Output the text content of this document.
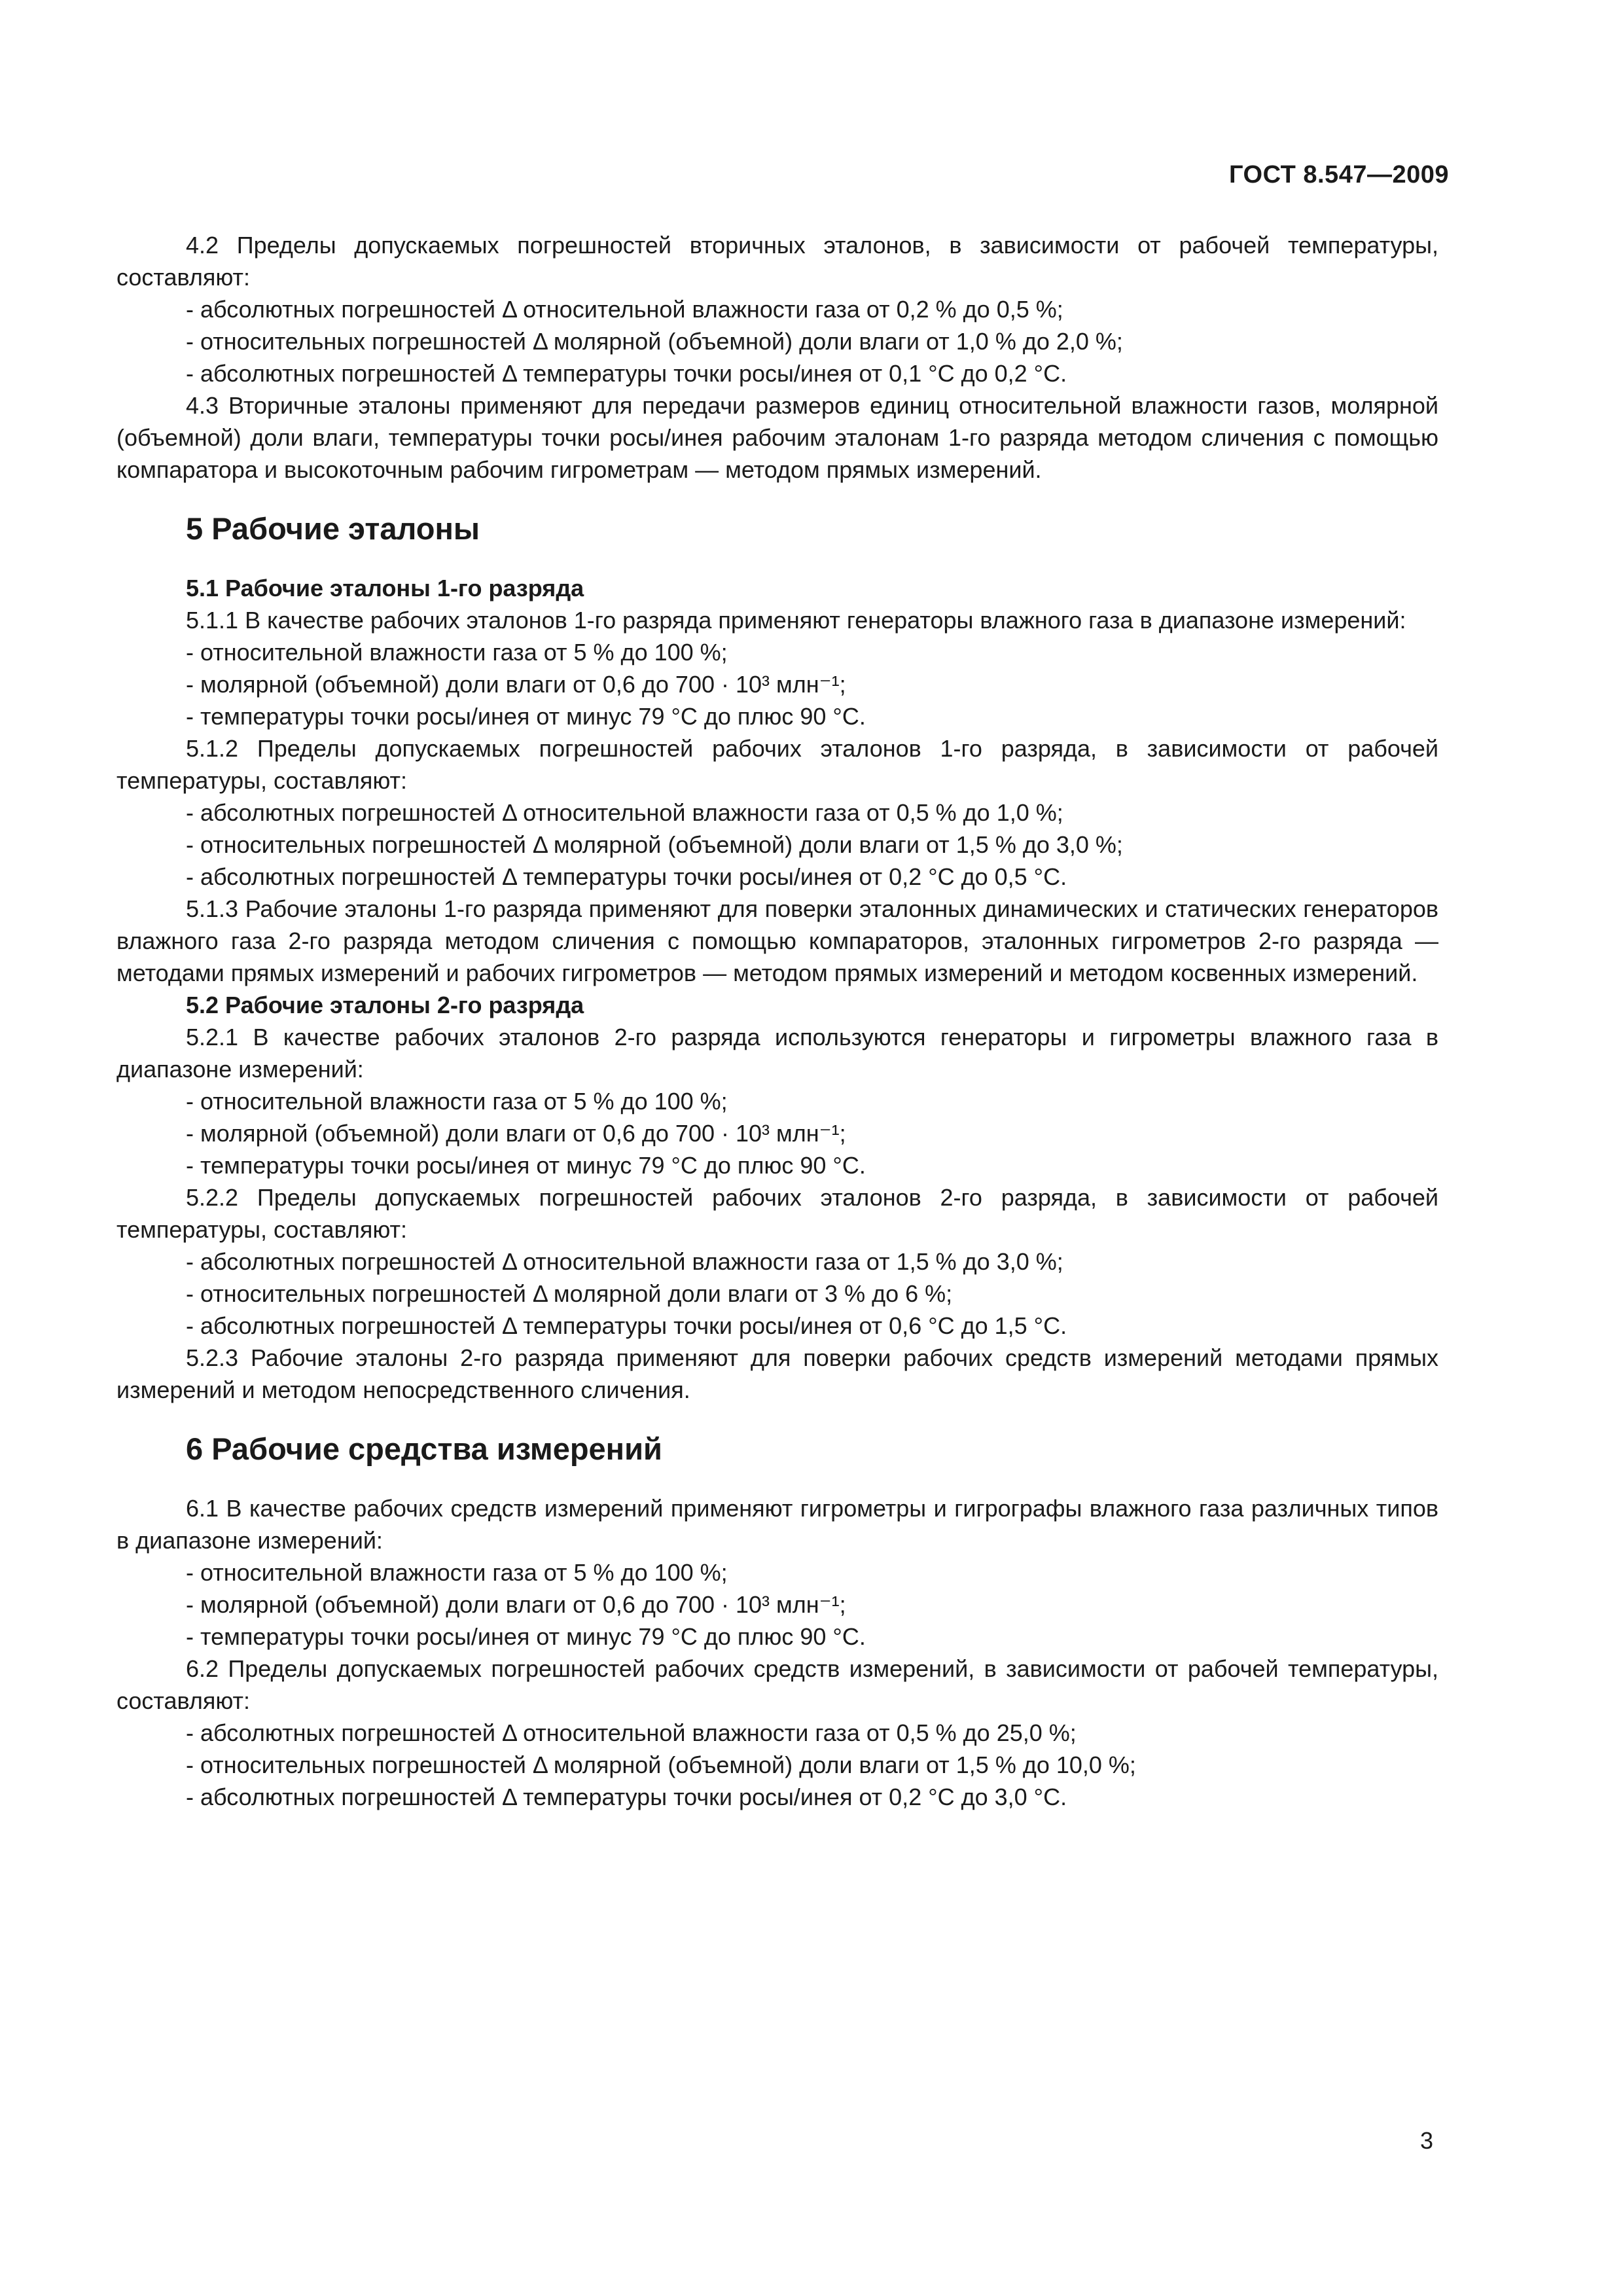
ГОСТ 8.547—2009

4.2 Пределы допускаемых погрешностей вторичных эталонов, в зависимости от рабочей температуры, составляют:

- абсолютных погрешностей Δ относительной влажности газа от 0,2 % до 0,5 %;

- относительных погрешностей Δ молярной (объемной) доли влаги от 1,0 % до 2,0 %;

- абсолютных погрешностей Δ температуры точки росы/инея от 0,1 °С до 0,2 °С.

4.3 Вторичные эталоны применяют для передачи размеров единиц относительной влажности газов, молярной (объемной) доли влаги, температуры точки росы/инея рабочим эталонам 1-го разряда методом сличения с помощью компаратора и высокоточным рабочим гигрометрам — методом прямых измерений.

5 Рабочие эталоны
5.1 Рабочие эталоны 1-го разряда

5.1.1 В качестве рабочих эталонов 1-го разряда применяют генераторы влажного газа в диапазоне измерений:

- относительной влажности газа от 5 % до 100 %;

- молярной (объемной) доли влаги от 0,6 до 700 · 10³ млн⁻¹;

- температуры точки росы/инея от минус 79 °С до плюс 90 °С.

5.1.2 Пределы допускаемых погрешностей рабочих эталонов 1-го разряда, в зависимости от рабочей температуры, составляют:

- абсолютных погрешностей Δ относительной влажности газа от 0,5 % до 1,0 %;

- относительных погрешностей Δ молярной (объемной) доли влаги от 1,5 % до 3,0 %;

- абсолютных погрешностей Δ температуры точки росы/инея от 0,2 °С до 0,5 °С.

5.1.3 Рабочие эталоны 1-го разряда применяют для поверки эталонных динамических и статических генераторов влажного газа 2-го разряда методом сличения с помощью компараторов, эталонных гигрометров 2-го разряда — методами прямых измерений и рабочих гигрометров — методом прямых измерений и методом косвенных измерений.

5.2 Рабочие эталоны 2-го разряда

5.2.1 В качестве рабочих эталонов 2-го разряда используются генераторы и гигрометры влажного газа в диапазоне измерений:

- относительной влажности газа от 5 % до 100 %;

- молярной (объемной) доли влаги от 0,6 до 700 · 10³ млн⁻¹;

- температуры точки росы/инея от минус 79 °С до плюс 90 °С.

5.2.2 Пределы допускаемых погрешностей рабочих эталонов 2-го разряда, в зависимости от рабочей температуры, составляют:

- абсолютных погрешностей Δ относительной влажности газа от 1,5 % до 3,0 %;

- относительных погрешностей Δ молярной доли влаги от 3 % до 6 %;

- абсолютных погрешностей Δ температуры точки росы/инея от 0,6 °С до 1,5 °С.

5.2.3 Рабочие эталоны 2-го разряда применяют для поверки рабочих средств измерений методами прямых измерений и методом непосредственного сличения.

6 Рабочие средства измерений

6.1 В качестве рабочих средств измерений применяют гигрометры и гигрографы влажного газа различных типов в диапазоне измерений:

- относительной влажности газа от 5 % до 100 %;

- молярной (объемной) доли влаги от 0,6 до 700 · 10³ млн⁻¹;

- температуры точки росы/инея от минус 79 °С до плюс 90 °С.

6.2 Пределы допускаемых погрешностей рабочих средств измерений, в зависимости от рабочей температуры, составляют:

- абсолютных погрешностей Δ относительной влажности газа от 0,5 % до 25,0 %;

- относительных погрешностей Δ молярной (объемной) доли влаги от 1,5 % до 10,0 %;

- абсолютных погрешностей Δ температуры точки росы/инея от 0,2 °С до 3,0 °С.

3
